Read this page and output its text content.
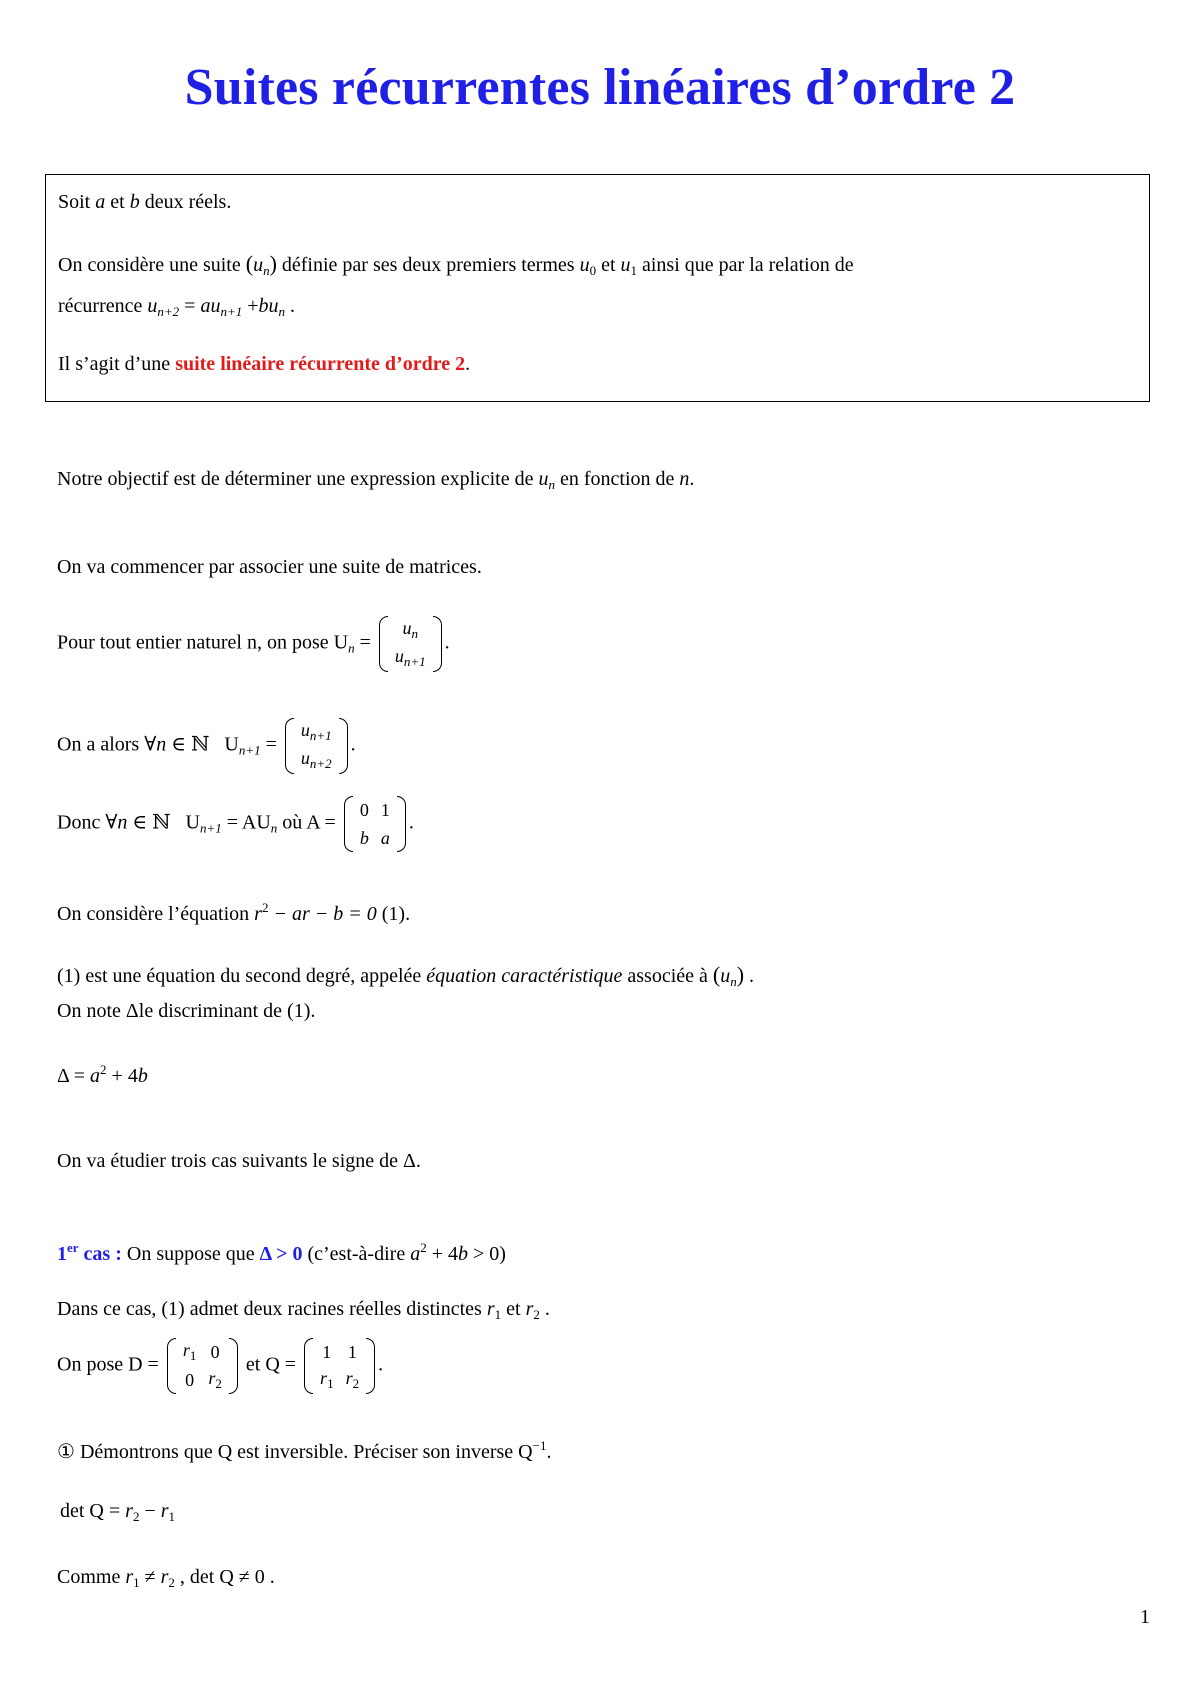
Suites récurrentes linéaires d’ordre 2
Soit a et b deux réels.
On considère une suite $(u_n)$ définie par ses deux premiers termes $u_0$ et $u_1$ ainsi que par la relation de
récurrence $u_{n+2} = au_{n+1} +bu_n$ .
Il s’agit d’une suite linéaire récurrente d’ordre 2.
Notre objectif est de déterminer une expression explicite de $u_n$ en fonction de n.
On va commencer par associer une suite de matrices.
Pour tout entier naturel n, on pose $U_n$ =
$u_n$
$u_{n+1}$
.
On a alors ∀n ∈ ℕ $U_{n+1}$ =
$u_{n+1}$
$u_{n+2}$
.
Donc ∀n ∈ ℕ $U_{n+1} = AU_n$ où A =
0	1
b	a
.
On considère l’équation $r^2$ − ar − b = 0 (1).
(1) est une équation du second degré, appelée équation caractéristique associée à $(u_n)$ .
On note Δle discriminant de (1).
$\Delta = a^2 + 4b$
On va étudier trois cas suivants le signe de Δ.
1er cas : On suppose que Δ > 0 (c’est-à-dire $a^2 + 4b > 0$)
Dans ce cas, (1) admet deux racines réelles distinctes $r_1$ et $r_2$ .
On pose D =
$r_1$	0
0	$r_2$
et Q =
1	1
$r_1$	$r_2$
.
① Démontrons que Q est inversible. Préciser son inverse $Q^{-1}$.
$\det Q = r_2 - r_1$
Comme $r_1 \ne r_2$ , det Q ≠ 0 .
1
